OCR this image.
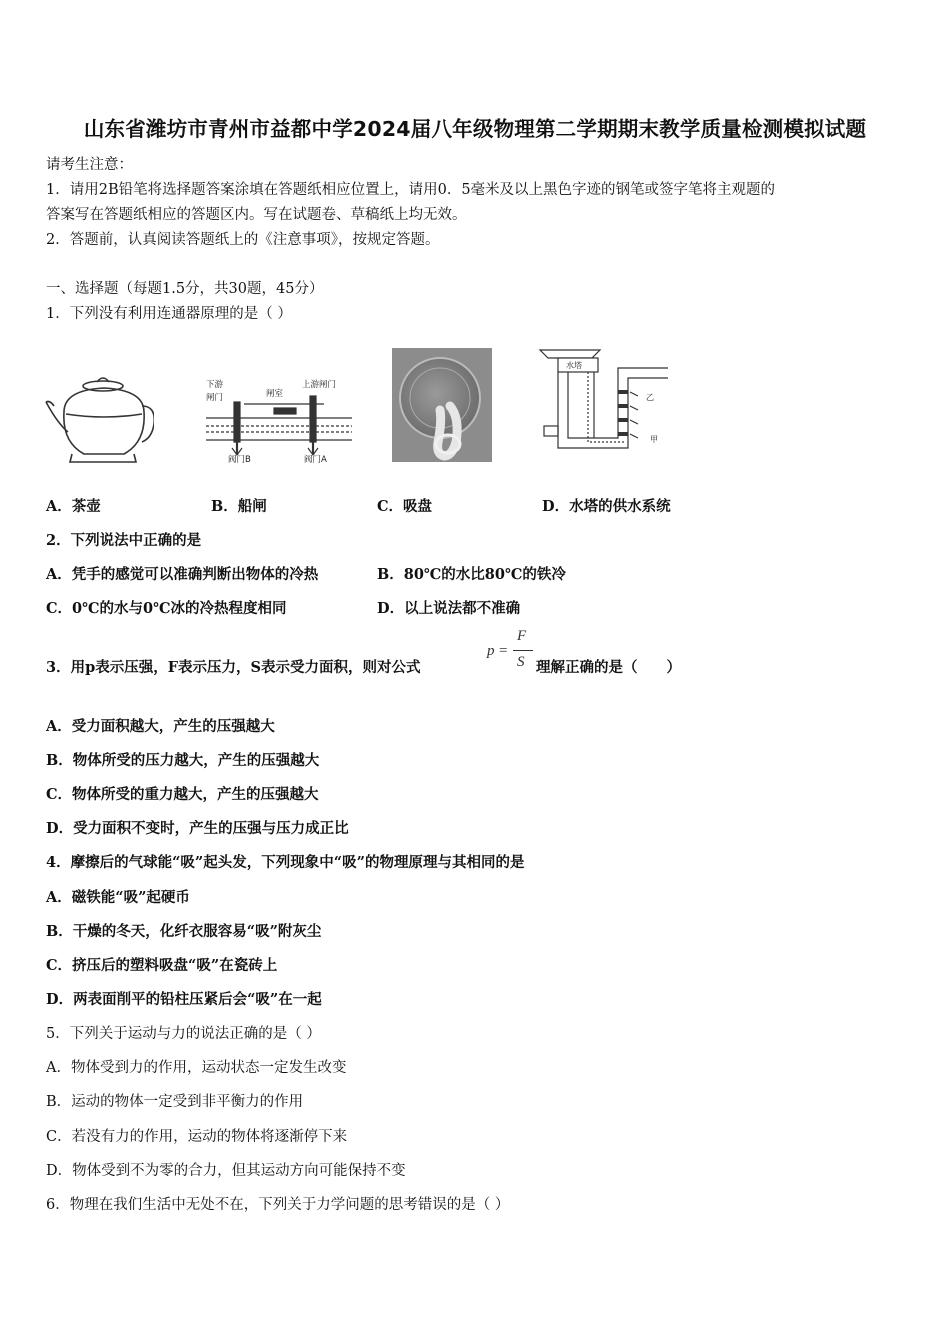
山东省潍坊市青州市益都中学2024届八年级物理第二学期期末教学质量检测模拟试题
请考生注意：
1．请用2B铅笔将选择题答案涂填在答题纸相应位置上，请用0．5毫米及以上黑色字迹的钢笔或签字笔将主观题的
答案写在答题纸相应的答题区内。写在试题卷、草稿纸上均无效。
2．答题前，认真阅读答题纸上的《注意事项》，按规定答题。
一、选择题（每题1.5分，共30题，45分）
1．下列没有利用连通器原理的是（ ）
下游
闸门	闸室
上游闸门
阀门B	阀门A
水塔
乙
甲
A．茶壶	B．船闸	C．吸盘	D．水塔的供水系统
2．下列说法中正确的是
A．凭手的感觉可以准确判断出物体的冷热	B．80℃的水比80℃的铁冷
C．0℃的水与0℃冰的冷热程度相同	D．以上说法都不准确
3．用p表示压强，F表示压力，S表示受力面积，则对公式
p =
F
S 理解正确的是（　　）
A．受力面积越大，产生的压强越大
B．物体所受的压力越大，产生的压强越大
C．物体所受的重力越大，产生的压强越大
D．受力面积不变时，产生的压强与压力成正比
4．摩擦后的气球能“吸”起头发，下列现象中“吸”的物理原理与其相同的是
A．磁铁能“吸”起硬币
B．干燥的冬天，化纤衣服容易“吸”附灰尘
C．挤压后的塑料吸盘“吸”在瓷砖上
D．两表面削平的铅柱压紧后会“吸”在一起
5．下列关于运动与力的说法正确的是（ ）
A．物体受到力的作用，运动状态一定发生改变
B．运动的物体一定受到非平衡力的作用
C．若没有力的作用，运动的物体将逐渐停下来
D．物体受到不为零的合力，但其运动方向可能保持不变
6．物理在我们生活中无处不在，下列关于力学问题的思考错误的是（ ）
